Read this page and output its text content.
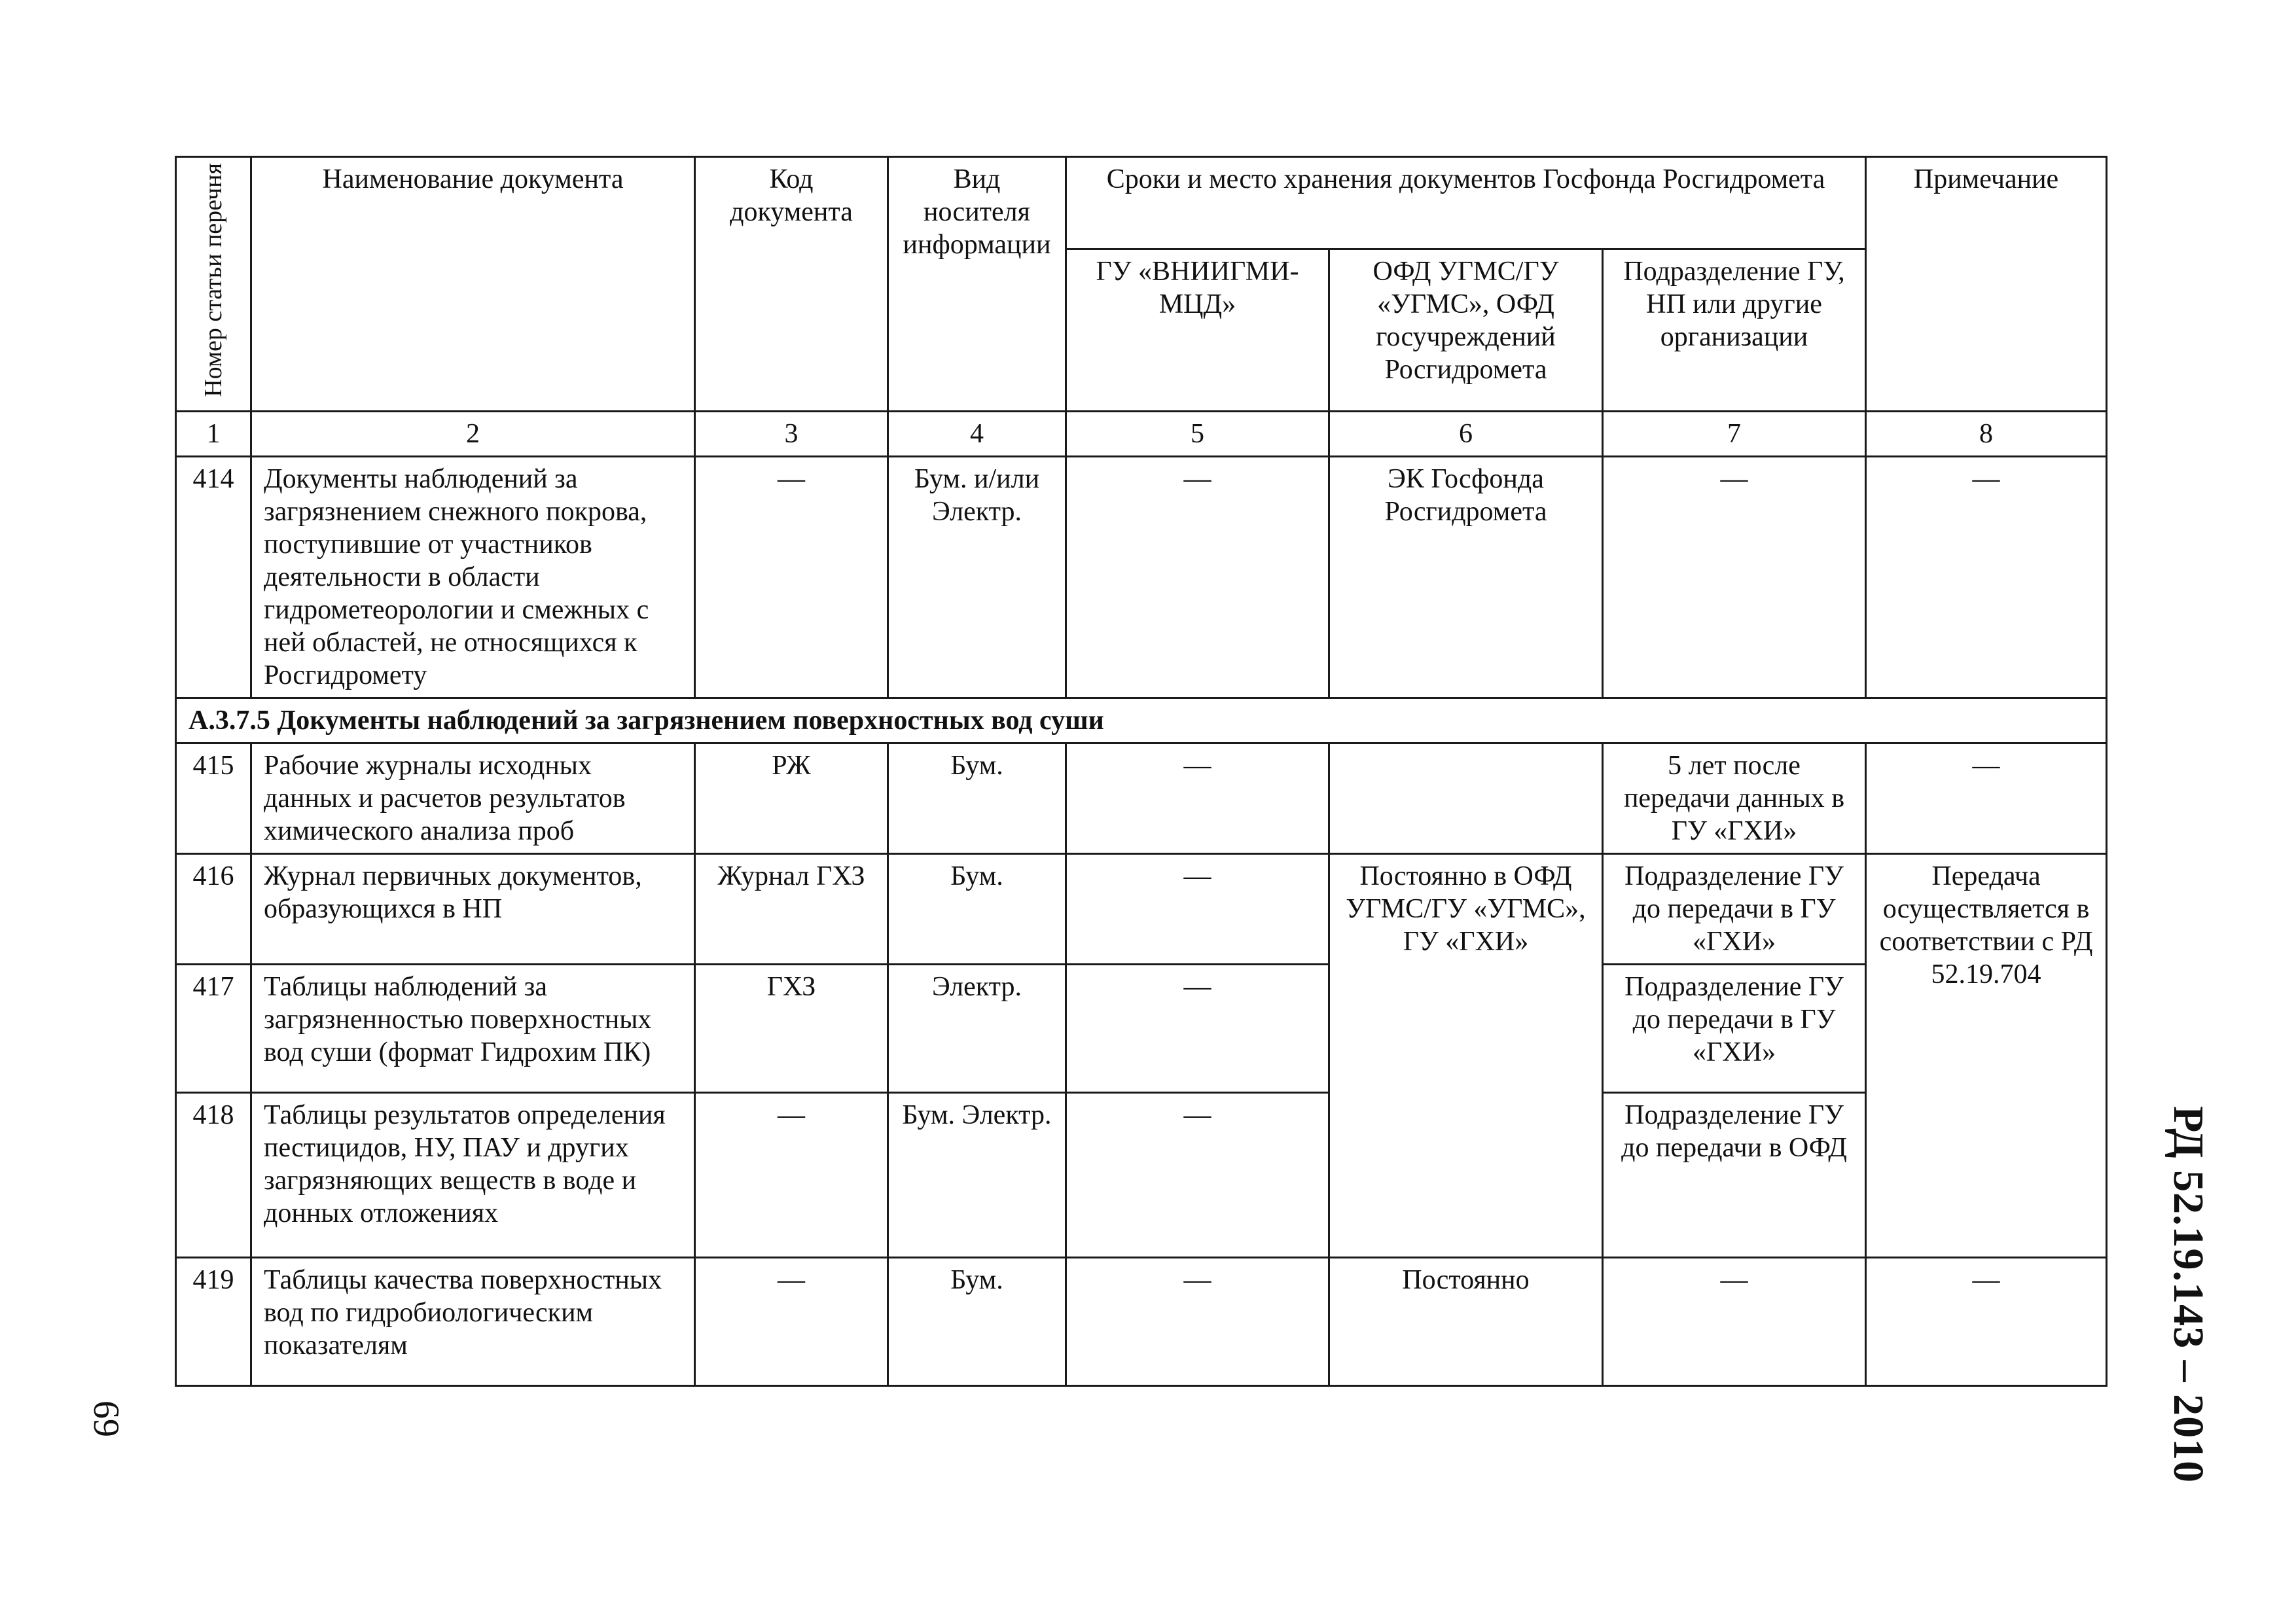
Номер статьи перечня	Наименование документа	Код документа	Вид носителя информации	Сроки и место хранения документов Госфонда Росгидромета			Примечание
				ГУ «ВНИИГМИ-МЦД»	ОФД УГМС/ГУ «УГМС», ОФД госучреждений Росгидромета	Подразделение ГУ, НП или другие организации	
1	2	3	4	5	6	7	8
414	Документы наблюдений за загрязнением снежного покрова, поступившие от участников деятельности в области гидрометеорологии и смежных с ней областей, не относящихся к Росгидромету	—	Бум. и/или Электр.	—	ЭК Госфонда Росгидромета	—	—
А.3.7.5 Документы наблюдений за загрязнением поверхностных вод суши							
415	Рабочие журналы исходных данных и расчетов результатов химического анализа проб	РЖ	Бум.	—		5 лет после передачи данных в ГУ «ГХИ»	—
416	Журнал первичных документов, образующихся в НП	Журнал ГХЗ	Бум.	—	Постоянно в ОФД УГМС/ГУ «УГМС», ГУ «ГХИ»	Подразделение ГУ до передачи в ГУ «ГХИ»	Передача осуществляется в соответствии с РД 52.19.704
417	Таблицы наблюдений за загрязненностью поверхностных вод суши (формат Гидрохим ПК)	ГХЗ	Электр.	—		Подразделение ГУ до передачи в ГУ «ГХИ»	
418	Таблицы результатов определения пестицидов, НУ, ПАУ и других загрязняющих веществ в воде и донных отложениях	—	Бум. Электр.	—		Подразделение ГУ до передачи в ОФД	
419	Таблицы качества поверхностных вод по гидробиологическим показателям	—	Бум.	—	Постоянно	—	—	РД 52.19.143 – 2010
69
